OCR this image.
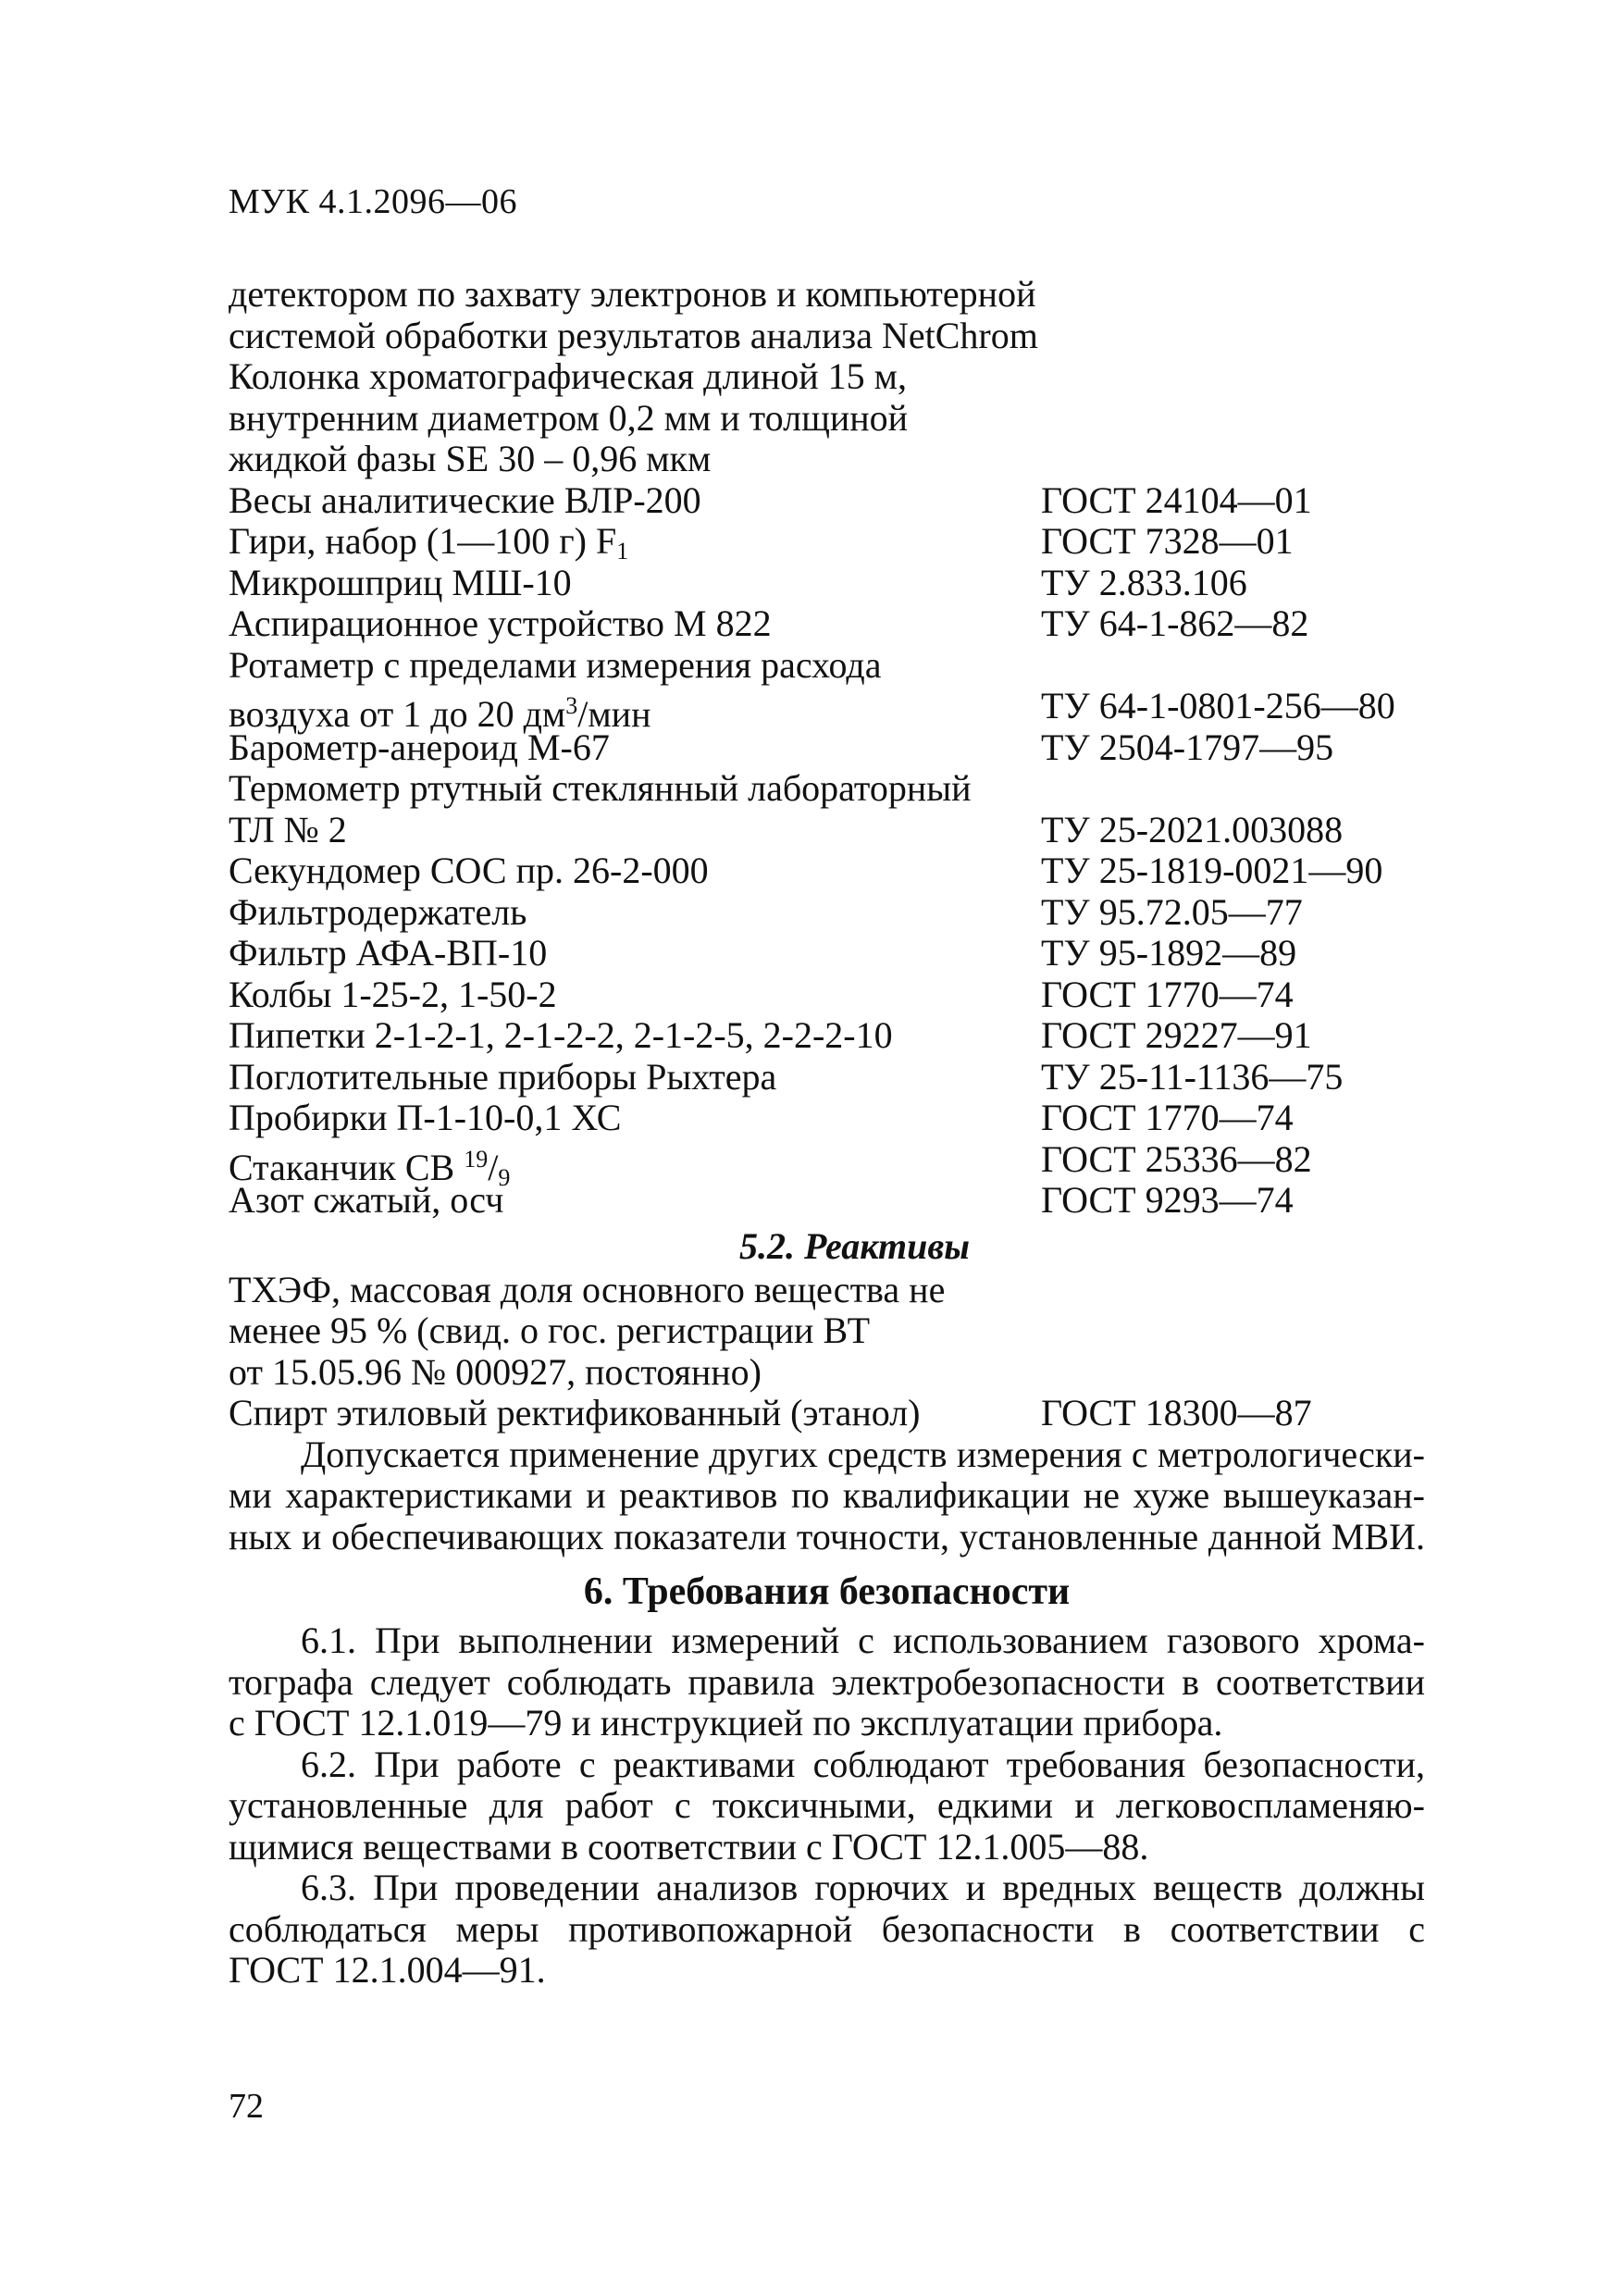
МУК 4.1.2096—06
детектором по захвату электронов и компьютерной
системой обработки результатов анализа NetChrom
Колонка хроматографическая длиной 15 м,
внутренним диаметром 0,2 мм и толщиной
жидкой фазы SE 30 – 0,96 мкм
Весы аналитические ВЛР-200	ГОСТ 24104—01
Гири, набор (1—100 г) F1	ГОСТ 7328—01
Микрошприц МШ-10	ТУ 2.833.106
Аспирационное устройство М 822	ТУ 64-1-862—82
Ротаметр с пределами измерения расхода
воздуха от 1 до 20 $дм^3$/мин	ТУ 64-1-0801-256—80
Барометр-анероид М-67	ТУ 2504-1797—95
Термометр ртутный стеклянный лабораторный
ТЛ № 2	ТУ 25-2021.003088
Секундомер СОС пр. 26-2-000	ТУ 25-1819-0021—90
Фильтродержатель	ТУ 95.72.05—77
Фильтр АФА-ВП-10	ТУ 95-1892—89
Колбы 1-25-2, 1-50-2	ГОСТ 1770—74
Пипетки 2-1-2-1, 2-1-2-2, 2-1-2-5, 2-2-2-10	ГОСТ 29227—91
Поглотительные приборы Рыхтера	ТУ 25-11-1136—75
Пробирки П-1-10-0,1 ХС	ГОСТ 1770—74
Стаканчик СВ $^{19}$/9	ГОСТ 25336—82
Азот сжатый, осч	ГОСТ 9293—74
5.2. Реактивы
ТХЭФ, массовая доля основного вещества не
менее 95 % (свид. о гос. регистрации ВТ
от 15.05.96 № 000927, постоянно)
Спирт этиловый ректификованный (этанол)	ГОСТ 18300—87
Допускается применение других средств измерения с метрологически-
ми характеристиками и реактивов по квалификации не хуже вышеуказан-
ных и обеспечивающих показатели точности, установленные данной МВИ.
6. Требования безопасности
6.1. При выполнении измерений с использованием газового хрома-
тографа следует соблюдать правила электробезопасности в соответствии
с ГОСТ 12.1.019—79 и инструкцией по эксплуатации прибора.
6.2. При работе с реактивами соблюдают требования безопасности,
установленные для работ с токсичными, едкими и легковоспламеняю-
щимися веществами в соответствии с ГОСТ 12.1.005—88.
6.3. При проведении анализов горючих и вредных веществ должны
соблюдаться меры противопожарной безопасности в соответствии с
ГОСТ 12.1.004—91.
72
